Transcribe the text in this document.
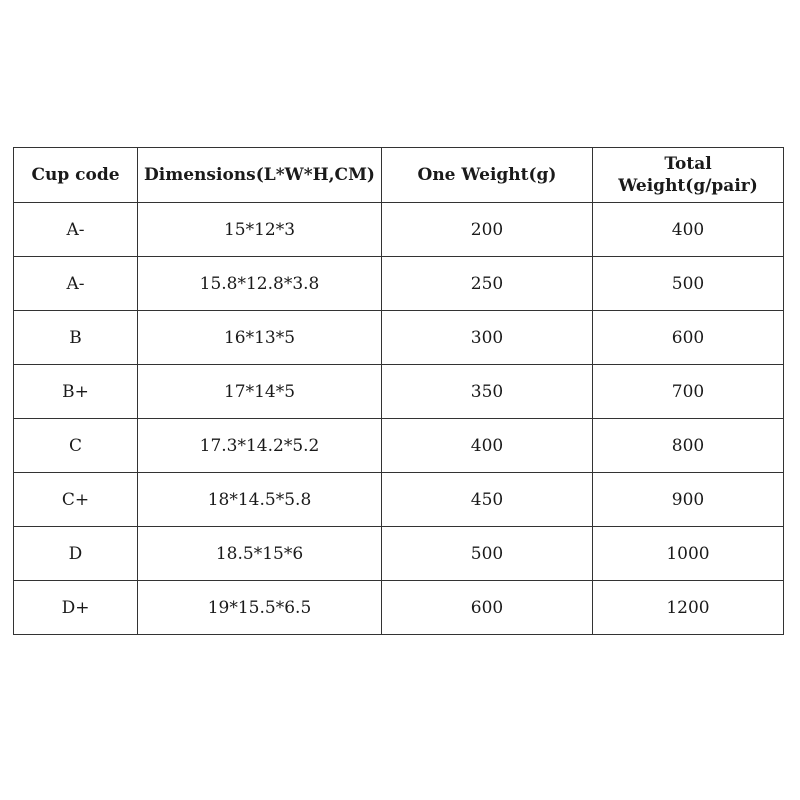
Cup code	Dimensions(L*W*H,CM)	One Weight(g)	Total
Weight(g/pair)
A-	15*12*3	200	400
A-	15.8*12.8*3.8	250	500
B	16*13*5	300	600
B+	17*14*5	350	700
C	17.3*14.2*5.2	400	800
C+	18*14.5*5.8	450	900
D	18.5*15*6	500	1000
D+	19*15.5*6.5	600	1200
